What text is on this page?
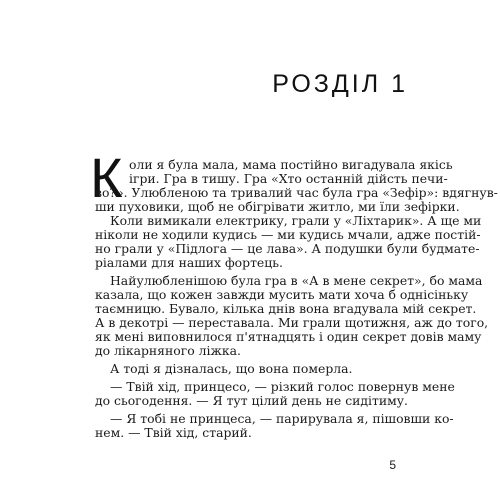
РОЗДІЛ 1
К оли я була мала, мама постійно вигадувала якісь
ігри. Гра в тишу. Гра «Хто останній дійсть печи-
во?». Улюбленою та тривалий час була гра «Зефір»: вдягнув-
ши пуховики, щоб не обігрівати житло, ми їли зефірки.
Коли вимикали електрику, грали у «Ліхтарик». А ще ми
ніколи не ходили кудись — ми кудись мчали, адже постій-
но грали у «Підлога — це лава». А подушки були будмате-
ріалами для наших фортець.
Найулюбленішою була гра в «А в мене секрет», бо мама
казала, що кожен завжди мусить мати хоча б однісіньку
таємницю. Бувало, кілька днів вона вгадувала мій секрет.
А в декотрі — переставала. Ми грали щотижня, аж до того,
як мені виповнилося п'ятнадцять і один секрет довів маму
до лікарняного ліжка.
А тоді я дізналась, що вона померла.
— Твій хід, принцесо, — різкий голос повернув мене
до сьогодення. — Я тут цілий день не сидітиму.
— Я тобі не принцеса, — парирувала я, пішовши ко-
нем. — Твій хід, старий.
5
